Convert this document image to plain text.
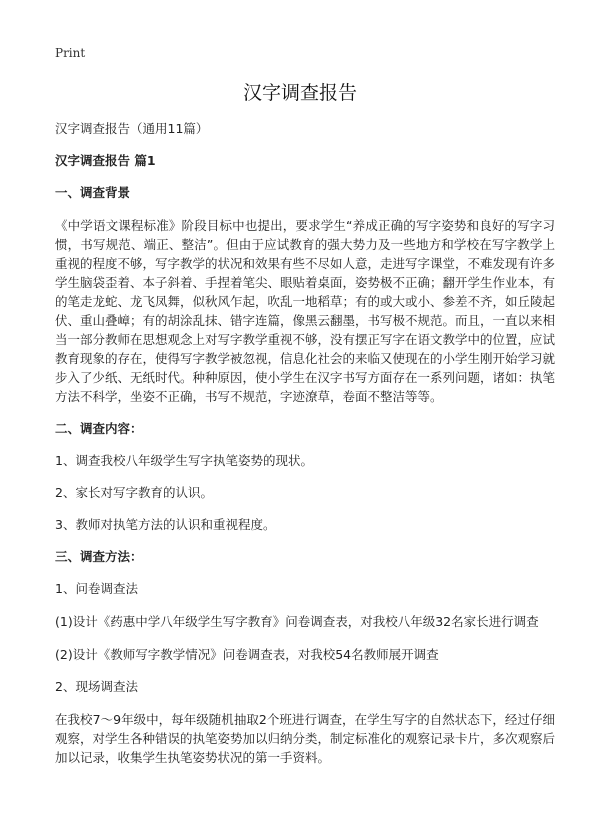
Print
汉字调查报告

汉字调查报告（通用11篇）

汉字调查报告 篇1

一、调查背景

《中学语文课程标准》阶段目标中也提出，要求学生“养成正确的写字姿势和良好的写字习惯，书写规范、端正、整洁”。但由于应试教育的强大势力及一些地方和学校在写字教学上重视的程度不够，写字教学的状况和效果有些不尽如人意，走进写字课堂，不难发现有许多学生脑袋歪着、本子斜着、手捏着笔尖、眼贴着桌面，姿势极不正确；翻开学生作业本，有的笔走龙蛇、龙飞凤舞，似秋风乍起，吹乱一地稻草；有的或大或小、参差不齐，如丘陵起伏、重山叠嶂；有的胡涂乱抹、错字连篇，像黑云翻墨，书写极不规范。而且，一直以来相当一部分教师在思想观念上对写字教学重视不够，没有摆正写字在语文教学中的位置，应试教育现象的存在，使得写字教学被忽视，信息化社会的来临又使现在的小学生刚开始学习就步入了少纸、无纸时代。种种原因，使小学生在汉字书写方面存在一系列问题，诸如：执笔方法不科学，坐姿不正确，书写不规范，字迹潦草，卷面不整洁等等。

二、调查内容：

1、调查我校八年级学生写字执笔姿势的现状。

2、家长对写字教育的认识。

3、教师对执笔方法的认识和重视程度。

三、调查方法：

1、问卷调查法

(1)设计《药惠中学八年级学生写字教育》问卷调查表，对我校八年级32名家长进行调查

(2)设计《教师写字教学情况》问卷调查表，对我校54名教师展开调查

2、现场调查法

在我校7～9年级中，每年级随机抽取2个班进行调查，在学生写字的自然状态下，经过仔细观察，对学生各种错误的执笔姿势加以归纳分类，制定标准化的观察记录卡片，多次观察后加以记录，收集学生执笔姿势状况的第一手资料。
